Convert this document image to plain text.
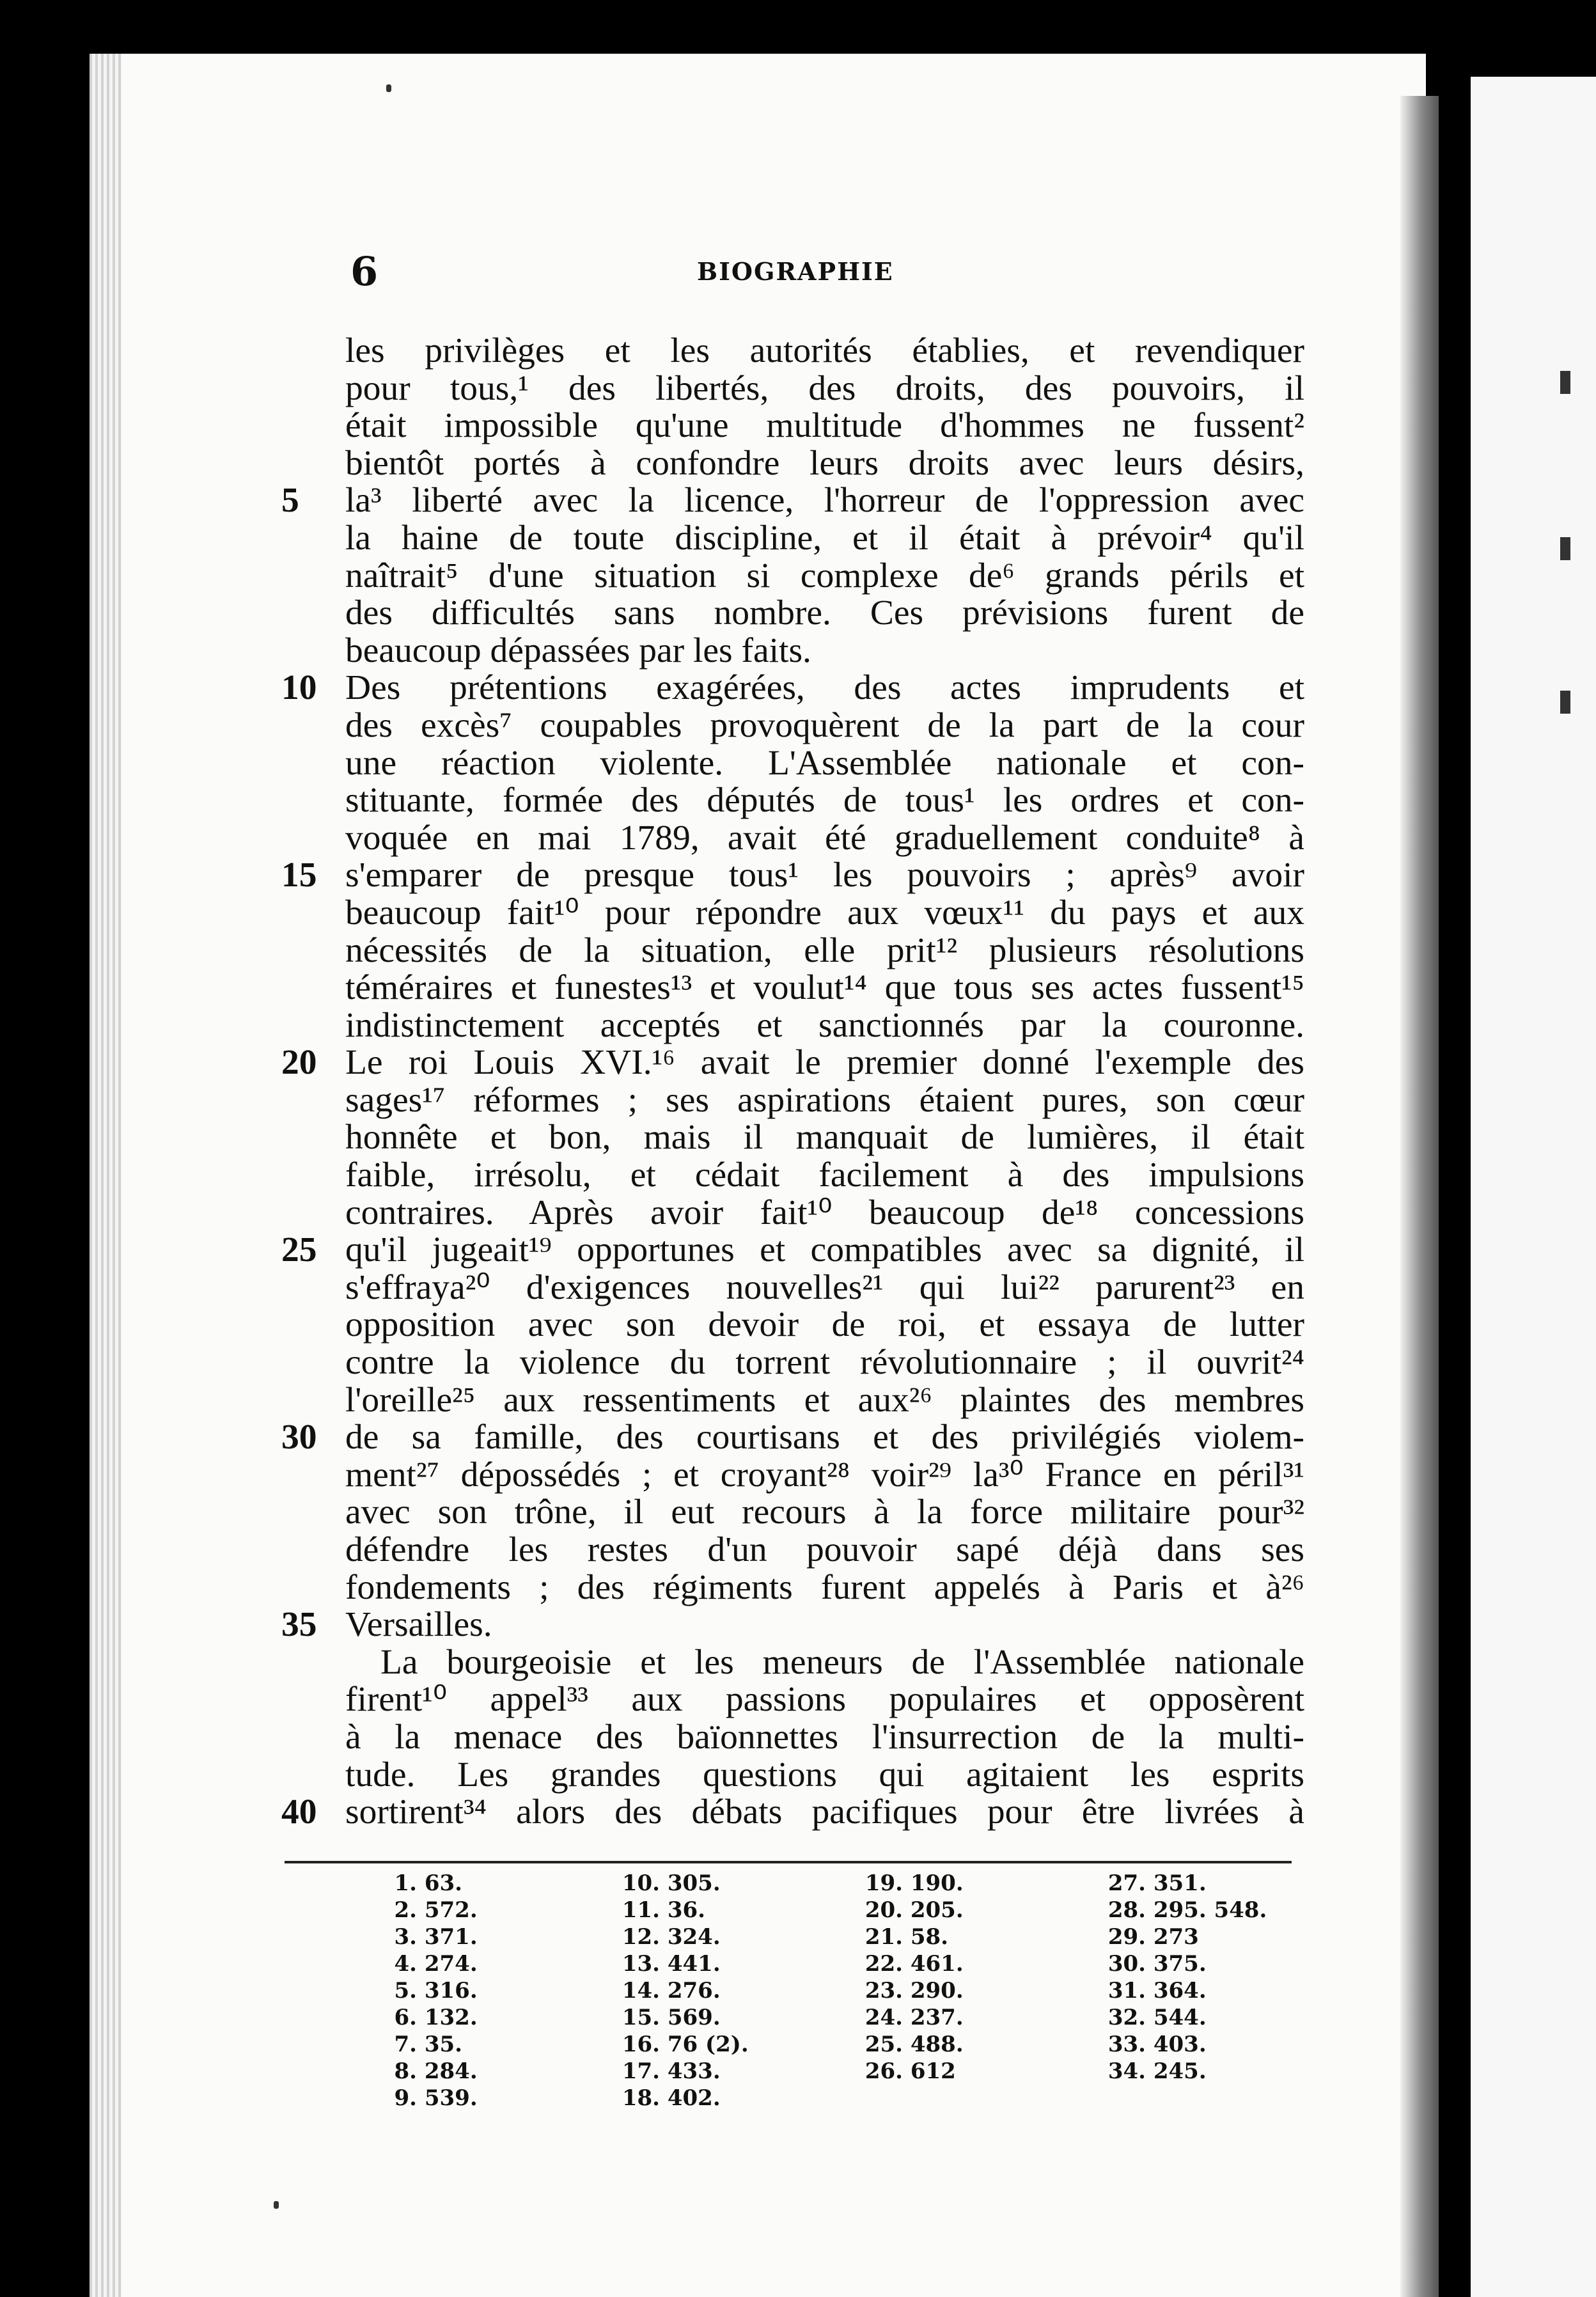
6	BIOGRAPHIE
les privilèges et les autorités établies, et revendiquer
pour tous,¹ des libertés, des droits, des pouvoirs, il
était impossible qu'une multitude d'hommes ne fussent²
bientôt portés à confondre leurs droits avec leurs désirs,
5	la³ liberté avec la licence, l'horreur de l'oppression avec
la haine de toute discipline, et il était à prévoir⁴ qu'il
naîtrait⁵ d'une situation si complexe de⁶ grands périls et
des difficultés sans nombre. Ces prévisions furent de
beaucoup dépassées par les faits.
10 Des prétentions exagérées, des actes imprudents et
des excès⁷ coupables provoquèrent de la part de la cour
une réaction violente. L'Assemblée nationale et con-
stituante, formée des députés de tous¹ les ordres et con-
voquée en mai 1789, avait été graduellement conduite⁸ à
15 s'emparer de presque tous¹ les pouvoirs ; après⁹ avoir
beaucoup fait¹⁰ pour répondre aux vœux¹¹ du pays et aux
nécessités de la situation, elle prit¹² plusieurs résolutions
téméraires et funestes¹³ et voulut¹⁴ que tous ses actes fussent¹⁵
indistinctement acceptés et sanctionnés par la couronne.
20 Le roi Louis XVI.¹⁶ avait le premier donné l'exemple des
sages¹⁷ réformes ; ses aspirations étaient pures, son cœur
honnête et bon, mais il manquait de lumières, il était
faible, irrésolu, et cédait facilement à des impulsions
contraires. Après avoir fait¹⁰ beaucoup de¹⁸ concessions
25 qu'il jugeait¹⁹ opportunes et compatibles avec sa dignité, il
s'effraya²⁰ d'exigences nouvelles²¹ qui lui²² parurent²³ en
opposition avec son devoir de roi, et essaya de lutter
contre la violence du torrent révolutionnaire ; il ouvrit²⁴
l'oreille²⁵ aux ressentiments et aux²⁶ plaintes des membres
30 de sa famille, des courtisans et des privilégiés violem-
ment²⁷ dépossédés ; et croyant²⁸ voir²⁹ la³⁰ France en péril³¹
avec son trône, il eut recours à la force militaire pour³²
défendre les restes d'un pouvoir sapé déjà dans ses
fondements ; des régiments furent appelés à Paris et à²⁶
35 Versailles.
La bourgeoisie et les meneurs de l'Assemblée nationale
firent¹⁰ appel³³ aux passions populaires et opposèrent
à la menace des baïonnettes l'insurrection de la multi-
tude. Les grandes questions qui agitaient les esprits
40 sortirent³⁴ alors des débats pacifiques pour être livrées à
1. 63.
2. 572.
3. 371.
4. 274.
5. 316.
6. 132.
7. 35.
8. 284.
9. 539.
10. 305.
11. 36.
12. 324.
13. 441.
14. 276.
15. 569.
16. 76 (2).
17. 433.
18. 402.
19. 190.
20. 205.
21. 58.
22. 461.
23. 290.
24. 237.
25. 488.
26. 612
27. 351.
28. 295. 548.
29. 273
30. 375.
31. 364.
32. 544.
33. 403.
34. 245.
